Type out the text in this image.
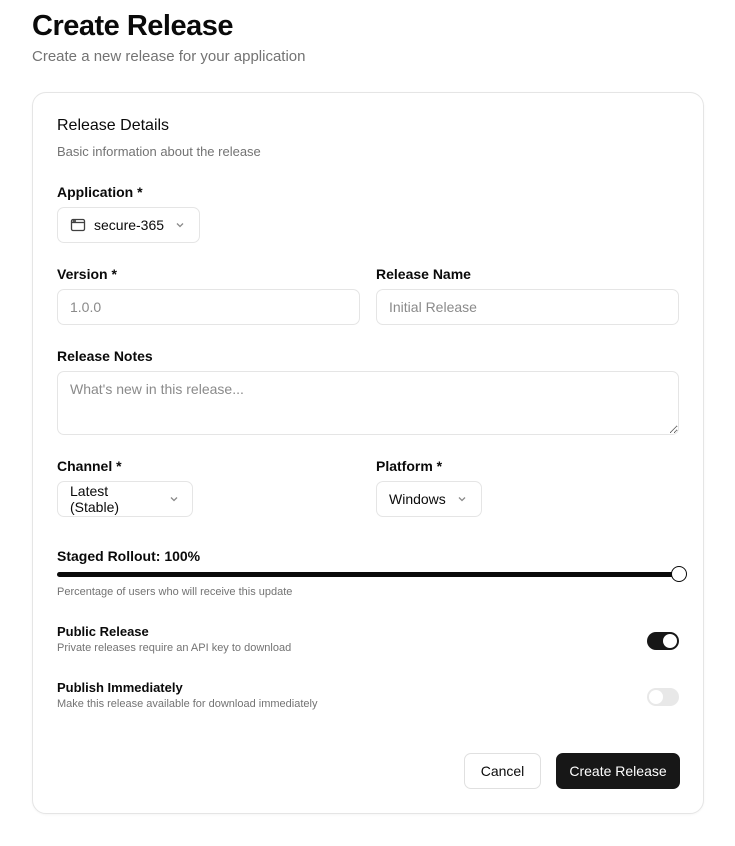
Create Release

Create a new release for your application

Release Details
Basic information about the release
Application *
secure-365
Version *
1.0.0	Release Name
Initial Release
Release Notes
What's new in this release...
Channel *
Latest (Stable)
Platform *
Windows
Staged Rollout: 100%
Percentage of users who will receive this update
Public Release
Private releases require an API key to download
Publish Immediately
Make this release available for download immediately
Cancel	Create Release
